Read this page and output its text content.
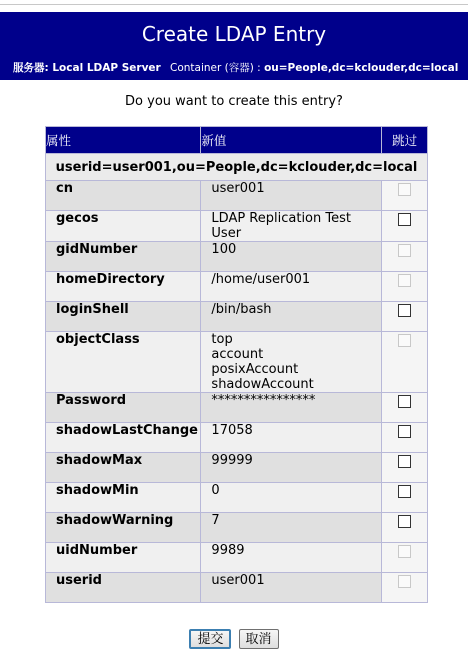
Create LDAP Entry
服务器: Local LDAP Server Container (容器) : ou=People,dc=kclouder,dc=local
Do you want to create this entry?
属性	新值	跳过
userid=user001,ou=People,dc=kclouder,dc=local		
cn	user001	

gecos	LDAP Replication Test User	

gidNumber	100	

homeDirectory	/home/user001	

loginShell	/bin/bash	

objectClass	top
account
posixAccount
shadowAccount	

Password	****************	

shadowLastChange	17058	

shadowMax	99999	

shadowMin	0	

shadowWarning	7	

uidNumber	9989	

userid	user001	

提交 取消
